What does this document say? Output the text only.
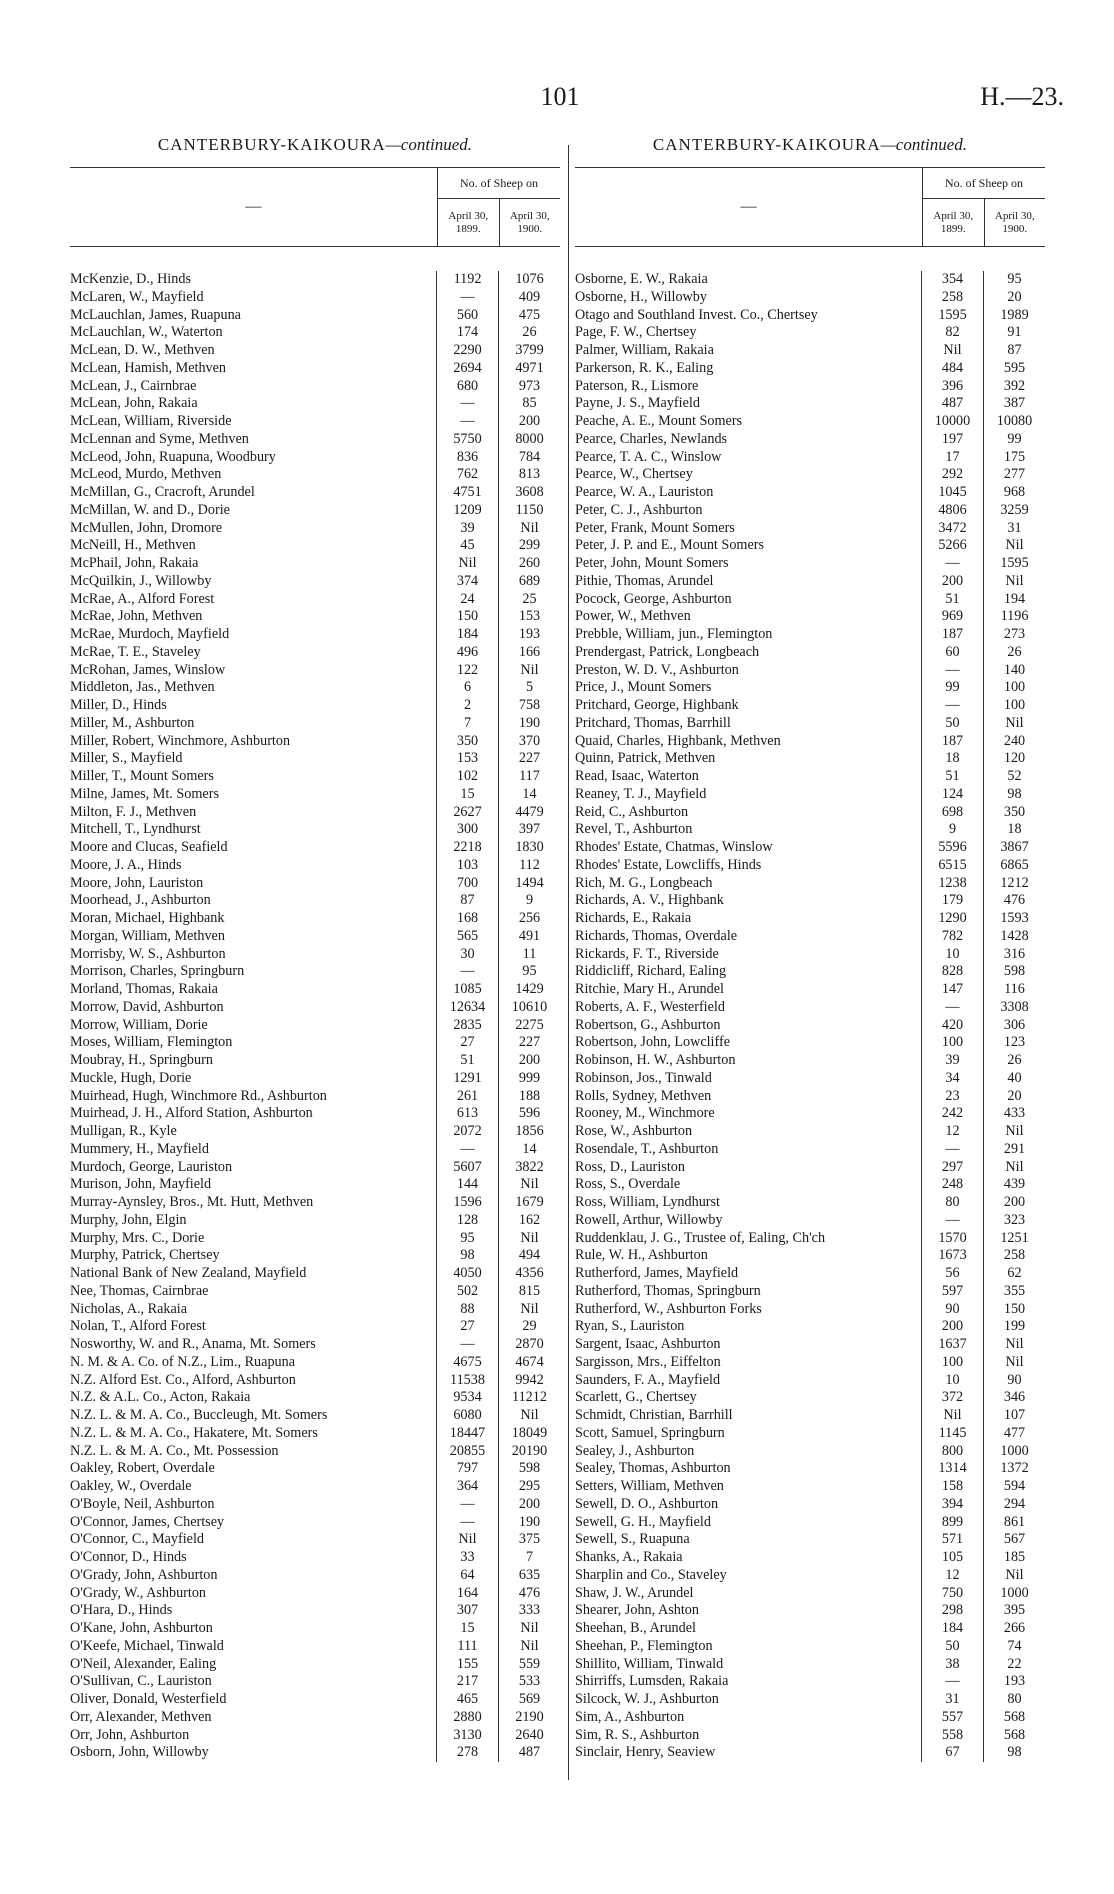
101	H.—23.
CANTERBURY-KAIKOURA—continued.
—
No. of Sheep on
April 30, 1899.
April 30, 1900.
McKenzie, D., Hinds	1192	1076
McLaren, W., Mayfield	—	409
McLauchlan, James, Ruapuna	560	475
McLauchlan, W., Waterton	174	26
McLean, D. W., Methven	2290	3799
McLean, Hamish, Methven	2694	4971
McLean, J., Cairnbrae	680	973
McLean, John, Rakaia	—	85
McLean, William, Riverside	—	200
McLennan and Syme, Methven	5750	8000
McLeod, John, Ruapuna, Woodbury	836	784
McLeod, Murdo, Methven	762	813
McMillan, G., Cracroft, Arundel	4751	3608
McMillan, W. and D., Dorie	1209	1150
McMullen, John, Dromore	39	Nil
McNeill, H., Methven	45	299
McPhail, John, Rakaia	Nil	260
McQuilkin, J., Willowby	374	689
McRae, A., Alford Forest	24	25
McRae, John, Methven	150	153
McRae, Murdoch, Mayfield	184	193
McRae, T. E., Staveley	496	166
McRohan, James, Winslow	122	Nil
Middleton, Jas., Methven	6	5
Miller, D., Hinds	2	758
Miller, M., Ashburton	7	190
Miller, Robert, Winchmore, Ashburton	350	370
Miller, S., Mayfield	153	227
Miller, T., Mount Somers	102	117
Milne, James, Mt. Somers	15	14
Milton, F. J., Methven	2627	4479
Mitchell, T., Lyndhurst	300	397
Moore and Clucas, Seafield	2218	1830
Moore, J. A., Hinds	103	112
Moore, John, Lauriston	700	1494
Moorhead, J., Ashburton	87	9
Moran, Michael, Highbank	168	256
Morgan, William, Methven	565	491
Morrisby, W. S., Ashburton	30	11
Morrison, Charles, Springburn	—	95
Morland, Thomas, Rakaia	1085	1429
Morrow, David, Ashburton	12634	10610
Morrow, William, Dorie	2835	2275
Moses, William, Flemington	27	227
Moubray, H., Springburn	51	200
Muckle, Hugh, Dorie	1291	999
Muirhead, Hugh, Winchmore Rd., Ashburton	261	188
Muirhead, J. H., Alford Station, Ashburton	613	596
Mulligan, R., Kyle	2072	1856
Mummery, H., Mayfield	—	14
Murdoch, George, Lauriston	5607	3822
Murison, John, Mayfield	144	Nil
Murray-Aynsley, Bros., Mt. Hutt, Methven	1596	1679
Murphy, John, Elgin	128	162
Murphy, Mrs. C., Dorie	95	Nil
Murphy, Patrick, Chertsey	98	494
National Bank of New Zealand, Mayfield	4050	4356
Nee, Thomas, Cairnbrae	502	815
Nicholas, A., Rakaia	88	Nil
Nolan, T., Alford Forest	27	29
Nosworthy, W. and R., Anama, Mt. Somers	—	2870
N. M. & A. Co. of N.Z., Lim., Ruapuna	4675	4674
N.Z. Alford Est. Co., Alford, Ashburton	11538	9942
N.Z. & A.L. Co., Acton, Rakaia	9534	11212
N.Z. L. & M. A. Co., Buccleugh, Mt. Somers	6080	Nil
N.Z. L. & M. A. Co., Hakatere, Mt. Somers	18447	18049
N.Z. L. & M. A. Co., Mt. Possession	20855	20190
Oakley, Robert, Overdale	797	598
Oakley, W., Overdale	364	295
O'Boyle, Neil, Ashburton	—	200
O'Connor, James, Chertsey	—	190
O'Connor, C., Mayfield	Nil	375
O'Connor, D., Hinds	33	7
O'Grady, John, Ashburton	64	635
O'Grady, W., Ashburton	164	476
O'Hara, D., Hinds	307	333
O'Kane, John, Ashburton	15	Nil
O'Keefe, Michael, Tinwald	111	Nil
O'Neil, Alexander, Ealing	155	559
O'Sullivan, C., Lauriston	217	533
Oliver, Donald, Westerfield	465	569
Orr, Alexander, Methven	2880	2190
Orr, John, Ashburton	3130	2640
Osborn, John, Willowby	278	487
CANTERBURY-KAIKOURA—continued.
—
No. of Sheep on
April 30, 1899.
April 30, 1900.
Osborne, E. W., Rakaia	354	95
Osborne, H., Willowby	258	20
Otago and Southland Invest. Co., Chertsey	1595	1989
Page, F. W., Chertsey	82	91
Palmer, William, Rakaia	Nil	87
Parkerson, R. K., Ealing	484	595
Paterson, R., Lismore	396	392
Payne, J. S., Mayfield	487	387
Peache, A. E., Mount Somers	10000	10080
Pearce, Charles, Newlands	197	99
Pearce, T. A. C., Winslow	17	175
Pearce, W., Chertsey	292	277
Pearce, W. A., Lauriston	1045	968
Peter, C. J., Ashburton	4806	3259
Peter, Frank, Mount Somers	3472	31
Peter, J. P. and E., Mount Somers	5266	Nil
Peter, John, Mount Somers	—	1595
Pithie, Thomas, Arundel	200	Nil
Pocock, George, Ashburton	51	194
Power, W., Methven	969	1196
Prebble, William, jun., Flemington	187	273
Prendergast, Patrick, Longbeach	60	26
Preston, W. D. V., Ashburton	—	140
Price, J., Mount Somers	99	100
Pritchard, George, Highbank	—	100
Pritchard, Thomas, Barrhill	50	Nil
Quaid, Charles, Highbank, Methven	187	240
Quinn, Patrick, Methven	18	120
Read, Isaac, Waterton	51	52
Reaney, T. J., Mayfield	124	98
Reid, C., Ashburton	698	350
Revel, T., Ashburton	9	18
Rhodes' Estate, Chatmas, Winslow	5596	3867
Rhodes' Estate, Lowcliffs, Hinds	6515	6865
Rich, M. G., Longbeach	1238	1212
Richards, A. V., Highbank	179	476
Richards, E., Rakaia	1290	1593
Richards, Thomas, Overdale	782	1428
Rickards, F. T., Riverside	10	316
Riddicliff, Richard, Ealing	828	598
Ritchie, Mary H., Arundel	147	116
Roberts, A. F., Westerfield	—	3308
Robertson, G., Ashburton	420	306
Robertson, John, Lowcliffe	100	123
Robinson, H. W., Ashburton	39	26
Robinson, Jos., Tinwald	34	40
Rolls, Sydney, Methven	23	20
Rooney, M., Winchmore	242	433
Rose, W., Ashburton	12	Nil
Rosendale, T., Ashburton	—	291
Ross, D., Lauriston	297	Nil
Ross, S., Overdale	248	439
Ross, William, Lyndhurst	80	200
Rowell, Arthur, Willowby	—	323
Ruddenklau, J. G., Trustee of, Ealing, Ch'ch	1570	1251
Rule, W. H., Ashburton	1673	258
Rutherford, James, Mayfield	56	62
Rutherford, Thomas, Springburn	597	355
Rutherford, W., Ashburton Forks	90	150
Ryan, S., Lauriston	200	199
Sargent, Isaac, Ashburton	1637	Nil
Sargisson, Mrs., Eiffelton	100	Nil
Saunders, F. A., Mayfield	10	90
Scarlett, G., Chertsey	372	346
Schmidt, Christian, Barrhill	Nil	107
Scott, Samuel, Springburn	1145	477
Sealey, J., Ashburton	800	1000
Sealey, Thomas, Ashburton	1314	1372
Setters, William, Methven	158	594
Sewell, D. O., Ashburton	394	294
Sewell, G. H., Mayfield	899	861
Sewell, S., Ruapuna	571	567
Shanks, A., Rakaia	105	185
Sharplin and Co., Staveley	12	Nil
Shaw, J. W., Arundel	750	1000
Shearer, John, Ashton	298	395
Sheehan, B., Arundel	184	266
Sheehan, P., Flemington	50	74
Shillito, William, Tinwald	38	22
Shirriffs, Lumsden, Rakaia	—	193
Silcock, W. J., Ashburton	31	80
Sim, A., Ashburton	557	568
Sim, R. S., Ashburton	558	568
Sinclair, Henry, Seaview	67	98
